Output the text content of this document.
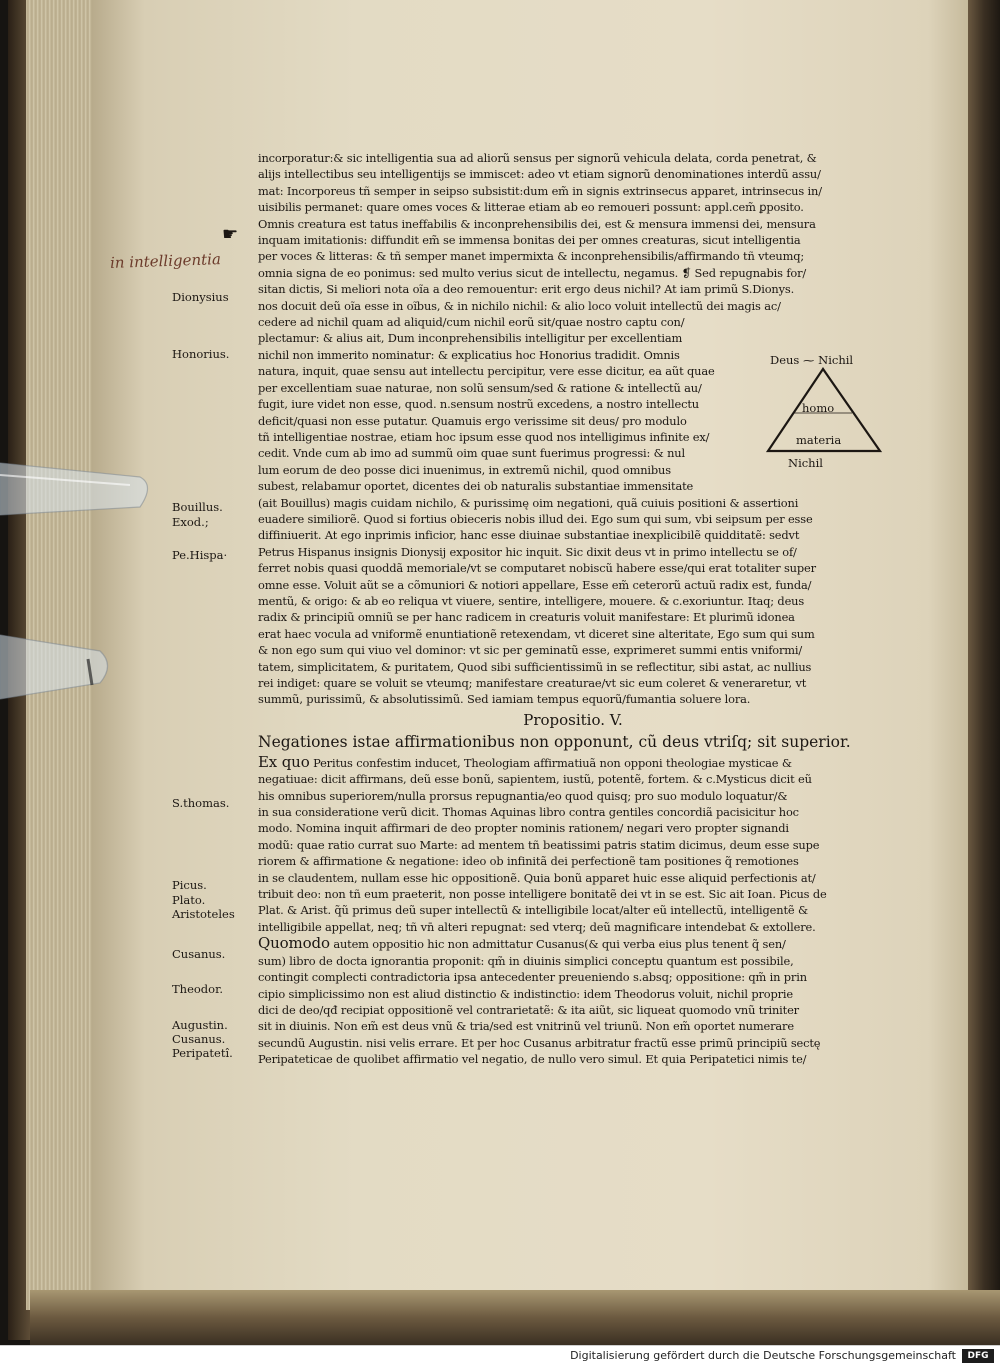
in intelligentia
☛
Dionysius
Honorius.
Bouillus.
Exod.;
Pe.Hispa·
S.thomas.
Picus.
Plato.
Aristoteles
Cusanus.
Theodor.
Augustin.
Cusanus.
Peripatetî.
incorporatur:& sic intelligentia sua ad aliorũ sensus per signorũ vehicula delata, corda penetrat, &
alijs intellectibus seu intelligentijs se immiscet: adeo vt etiam signorũ denominationes interdũ assu/
mat: Incorporeus tñ semper in seipso subsistit:dum em̃ in signis extrinsecus apparet, intrinsecus in/
uisibilis permanet: quare omes voces & litterae etiam ab eo remoueri possunt: appl.cem̃ ꝑposito.
Omnis creatura est tatus ineffabilis & inconprehensibilis dei, est & mensura immensi dei, mensura
inquam imitationis: diffundit em̃ se immensa bonitas dei per omnes creaturas, sicut intelligentia
per voces & litteras: & tñ semper manet impermixta & inconprehensibilis/affirmando tñ vteumq;
omnia signa de eo ponimus: sed multo verius sicut de intellectu, negamus. ❡ Sed repugnabis for/
sitan dictis, Si meliori nota oĩa a deo remouentur: erit ergo deus nichil? At iam primũ S.Dionys.
nos docuit deũ oĩa esse in oĩbus, & in nichilo nichil: & alio loco voluit intellectũ dei magis ac/
cedere ad nichil quam ad aliquid/cum nichil eorũ sit/quae nostro captu con/
plectamur: & alius ait, Dum inconprehensibilis intelligitur per excellentiam
nichil non immerito nominatur: & explicatius hoc Honorius tradidit. Omnis
natura, inquit, quae sensu aut intellectu percipitur, vere esse dicitur, ea aũt quae
per excellentiam suae naturae, non solũ sensum/sed & ratione & intellectũ au/
fugit, iure videt non esse, quod. n.sensum nostrũ excedens, a nostro intellectu
deficit/quasi non esse putatur. Quamuis ergo verissime sit deus/ pro modulo
tñ intelligentiae nostrae, etiam hoc ipsum esse quod nos intelligimus infinite ex/
cedit. Vnde cum ab imo ad summũ oim quae sunt fuerimus progressi: & nul
lum eorum de deo posse dici inuenimus, in extremũ nichil, quod omnibus
subest, relabamur oportet, dicentes dei ob naturalis substantiae immensitate
(ait Bouillus) magis cuidam nichilo, & purissimę oim negationi, quã cuiuis positioni & assertioni
euadere similiorẽ. Quod si fortius obieceris nobis illud dei. Ego sum qui sum, vbi seipsum per esse
diffiniuerit. At ego inprimis inficior, hanc esse diuinae substantiae inexplicibilẽ quidditatẽ: sedvt
Petrus Hispanus insignis Dionysij expositor hic inquit. Sic dixit deus vt in primo intellectu se of/
ferret nobis quasi quoddã memoriale/vt se computaret nobiscũ habere esse/qui erat totaliter super
omne esse. Voluit aũt se a cõmuniori & notiori appellare, Esse em̃ ceterorũ actuũ radix est, funda/
mentũ, & origo: & ab eo reliqua vt viuere, sentire, intelligere, mouere. & c.exoriuntur. Itaq; deus
radix & principiũ omniũ se per hanc radicem in creaturis voluit manifestare: Et plurimũ idonea
erat haec vocula ad vniformẽ enuntiationẽ retexendam, vt diceret sine alteritate, Ego sum qui sum
& non ego sum qui viuo vel dominor: vt sic per geminatũ esse, exprimeret summi entis vniformi/
tatem, simplicitatem, & puritatem, Quod sibi sufficientissimũ in se reflectitur, sibi astat, ac nullius
rei indiget: quare se voluit se vteumq; manifestare creaturae/vt sic eum coleret & veneraretur, vt
summũ, purissimũ, & absolutissimũ. Sed iamiam tempus equorũ/fumantia soluere lora.
Propositio. V.
Negationes istae affirmationibus non opponunt, cũ deus vtriſq; sit superior.
Ex quo Peritus confestim inducet, Theologiam affirmatiuã non opponi theologiae mysticae &
negatiuae: dicit affirmans, deũ esse bonũ, sapientem, iustũ, potentẽ, fortem. & c.Mysticus dicit eũ
his omnibus superiorem/nulla prorsus repugnantia/eo quod quisq; pro suo modulo loquatur/&
in sua consideratione verũ dicit. Thomas Aquinas libro contra gentiles concordiã pacisicitur hoc
modo. Nomina inquit affirmari de deo propter nominis rationem/ negari vero propter signandi
modũ: quae ratio currat suo Marte: ad mentem tñ beatissimi patris statim dicimus, deum esse supe
riorem & affirmatione & negatione: ideo ob infinitã dei perfectionẽ tam positiones q̃ remotiones
in se claudentem, nullam esse hic oppositionẽ. Quia bonũ apparet huic esse aliquid perfectionis at/
tribuit deo: non tñ eum praeterit, non posse intelligere bonitatẽ dei vt in se est. Sic ait Ioan. Picus de
Plat. & Arist. q̃ũ primus deũ super intellectũ & intelligibile locat/alter eũ intellectũ, intelligentẽ &
intelligibile appellat, neq; tñ vn̄ alteri repugnat: sed vterq; deũ magnificare intendebat & extollere.
Quomodo autem oppositio hic non admittatur Cusanus(& qui verba eius plus tenent q̃ sen/
sum) libro de docta ignorantia proponit: qm̃ in diuinis simplici conceptu quantum est possibile,
contingit complecti contradictoria ipsa antecedenter preueniendo s.absq; oppositione: qm̃ in prin
cipio simplicissimo non est aliud distinctio & indistinctio: idem Theodorus voluit, nichil proprie
dici de deo/qđ recipiat oppositionẽ vel contrarietatẽ: & ita aiũt, sic liqueat quomodo vnũ triniter
sit in diuinis. Non em̃ est deus vnũ & tria/sed est vnitrinũ vel triunũ. Non em̃ oportet numerare
secundũ Augustin. nisi velis errare. Et per hoc Cusanus arbitratur fractũ esse primũ principiũ sectę
Peripateticae de quolibet affirmatio vel negatio, de nullo vero simul. Et quia Peripatetici nimis te/
Deus ⁓ Nichil
homo
materia
Nichil
Digitalisierung gefördert durch die Deutsche Forschungsgemeinschaft	DFG
